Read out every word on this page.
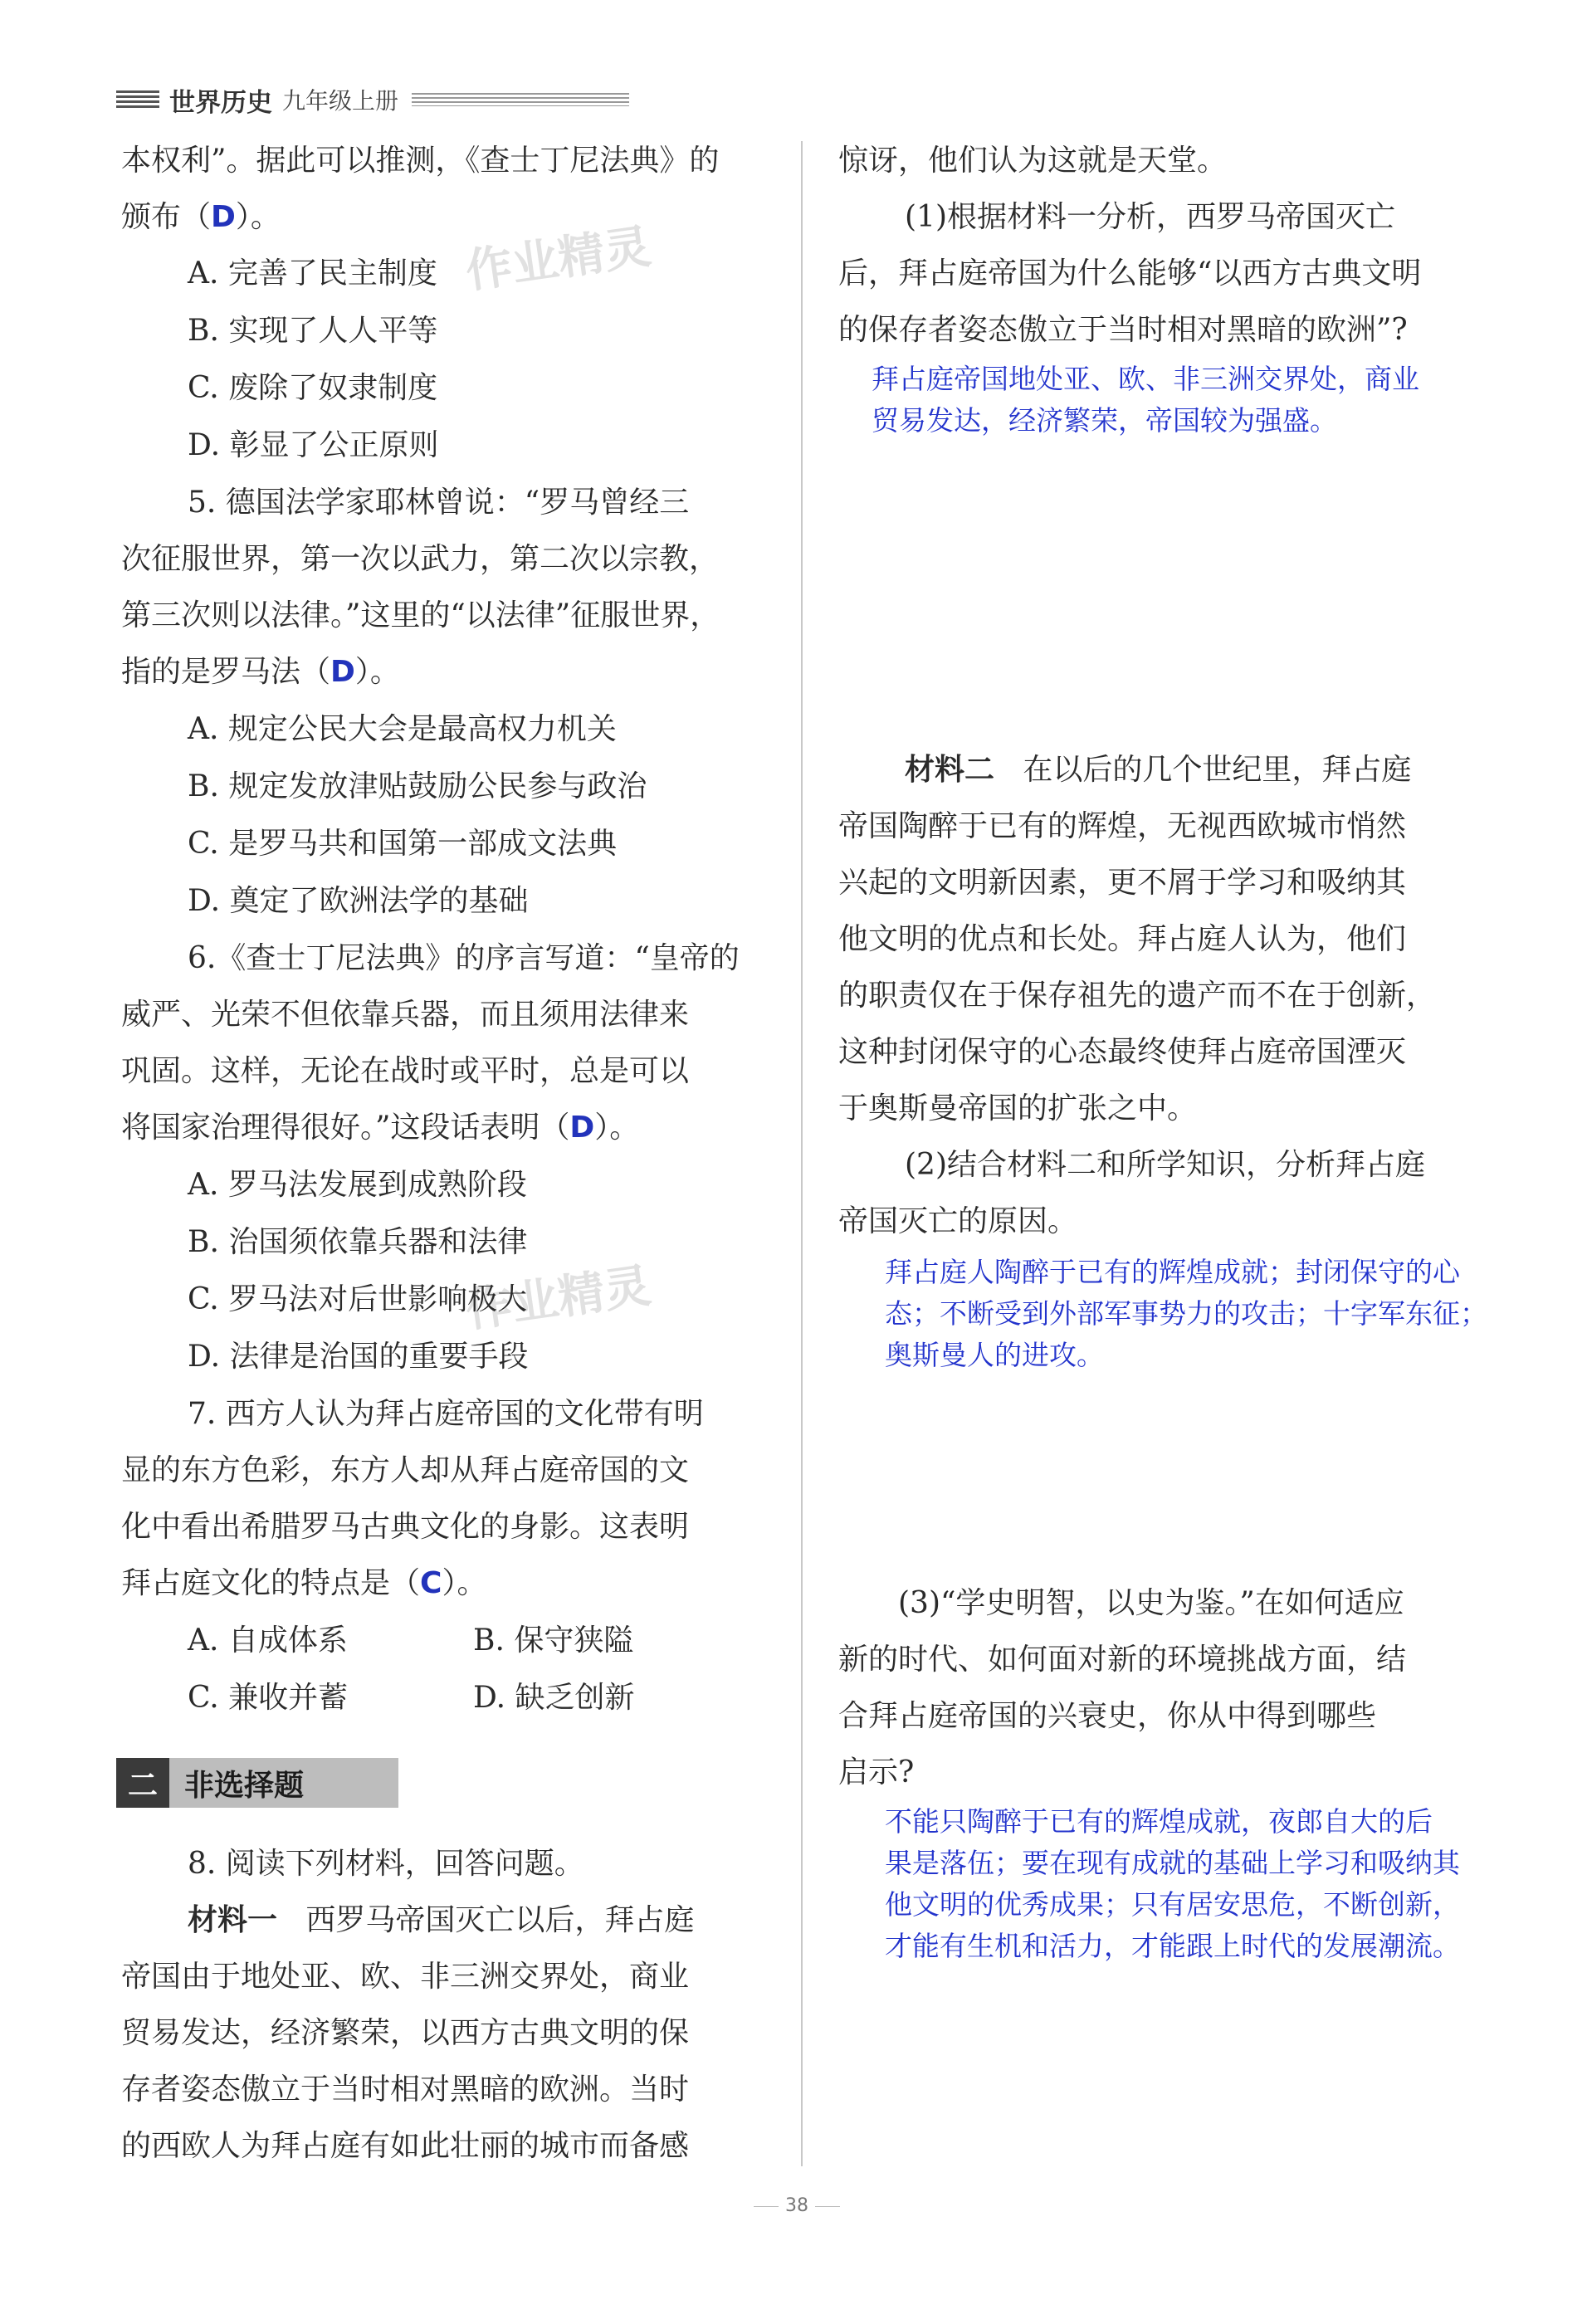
世界历史 九年级上册
作业精灵
作业精灵
本权利”。据此可以推测，《查士丁尼法典》的
颁布（D）。
A. 完善了民主制度
B. 实现了人人平等
C. 废除了奴隶制度
D. 彰显了公正原则
5. 德国法学家耶林曾说：“罗马曾经三
次征服世界，第一次以武力，第二次以宗教，
第三次则以法律。”这里的“以法律”征服世界，
指的是罗马法（D）。
A. 规定公民大会是最高权力机关
B. 规定发放津贴鼓励公民参与政治
C. 是罗马共和国第一部成文法典
D. 奠定了欧洲法学的基础
6.《查士丁尼法典》的序言写道：“皇帝的
威严、光荣不但依靠兵器，而且须用法律来
巩固。这样，无论在战时或平时，总是可以
将国家治理得很好。”这段话表明（D）。
A. 罗马法发展到成熟阶段
B. 治国须依靠兵器和法律
C. 罗马法对后世影响极大
D. 法律是治国的重要手段
7. 西方人认为拜占庭帝国的文化带有明
显的东方色彩，东方人却从拜占庭帝国的文
化中看出希腊罗马古典文化的身影。这表明
拜占庭文化的特点是（C）。
A. 自成体系	B. 保守狭隘
C. 兼收并蓄	D. 缺乏创新
二 非选择题
8. 阅读下列材料，回答问题。
材料一 西罗马帝国灭亡以后，拜占庭
帝国由于地处亚、欧、非三洲交界处，商业
贸易发达，经济繁荣，以西方古典文明的保
存者姿态傲立于当时相对黑暗的欧洲。当时
的西欧人为拜占庭有如此壮丽的城市而备感
惊讶，他们认为这就是天堂。
(1)根据材料一分析，西罗马帝国灭亡
后，拜占庭帝国为什么能够“以西方古典文明
的保存者姿态傲立于当时相对黑暗的欧洲”?
拜占庭帝国地处亚、欧、非三洲交界处，商业
贸易发达，经济繁荣，帝国较为强盛。
材料二 在以后的几个世纪里，拜占庭
帝国陶醉于已有的辉煌，无视西欧城市悄然
兴起的文明新因素，更不屑于学习和吸纳其
他文明的优点和长处。拜占庭人认为，他们
的职责仅在于保存祖先的遗产而不在于创新，
这种封闭保守的心态最终使拜占庭帝国湮灭
于奥斯曼帝国的扩张之中。
(2)结合材料二和所学知识，分析拜占庭
帝国灭亡的原因。
拜占庭人陶醉于已有的辉煌成就；封闭保守的心
态；不断受到外部军事势力的攻击；十字军东征；
奥斯曼人的进攻。
(3)“学史明智，以史为鉴。”在如何适应
新的时代、如何面对新的环境挑战方面，结
合拜占庭帝国的兴衰史，你从中得到哪些
启示?
不能只陶醉于已有的辉煌成就，夜郎自大的后
果是落伍；要在现有成就的基础上学习和吸纳其
他文明的优秀成果；只有居安思危，不断创新，
才能有生机和活力，才能跟上时代的发展潮流。
38
